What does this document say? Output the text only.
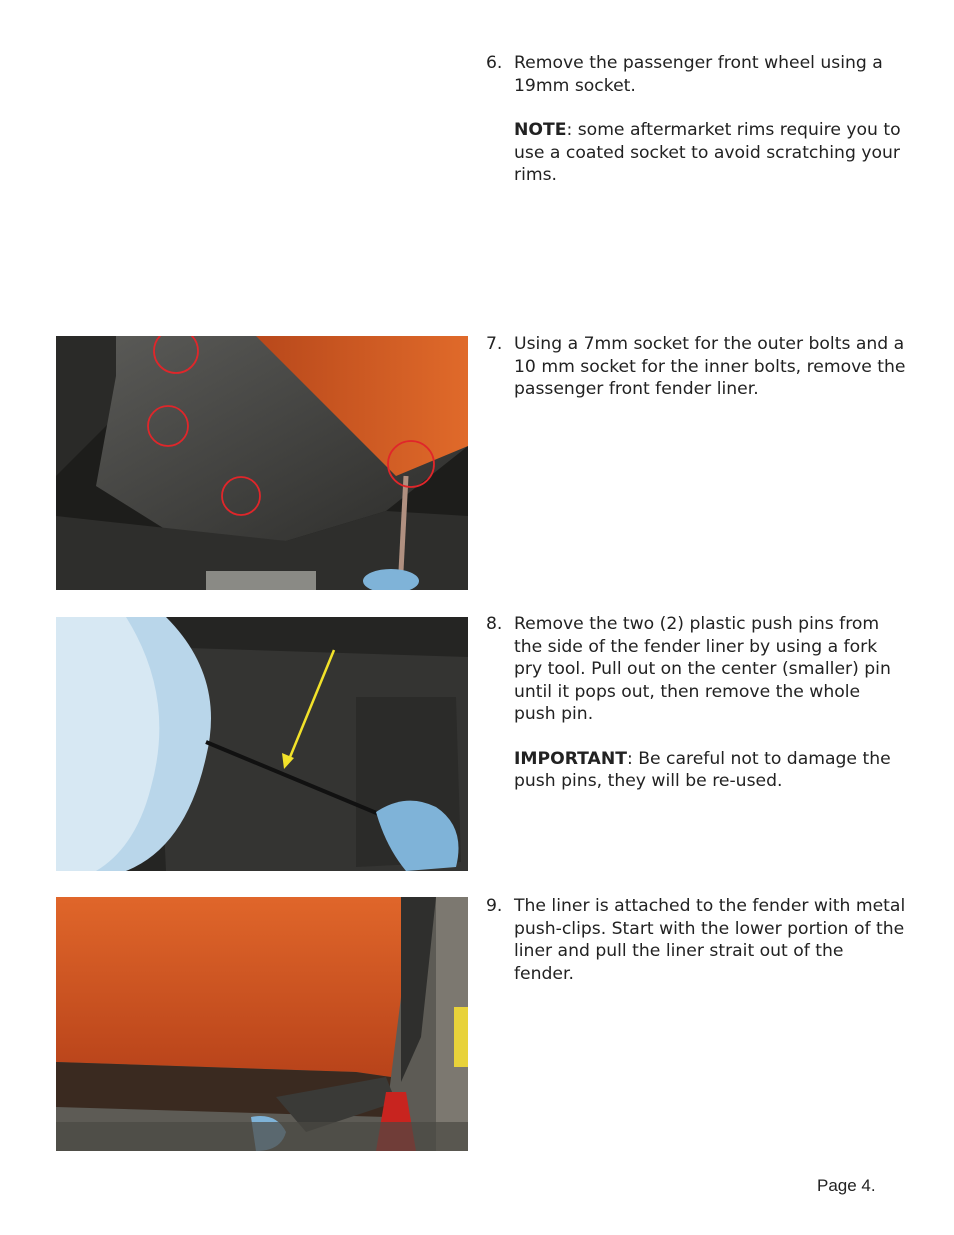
6. Remove the passenger front wheel using a 19mm socket.

NOTE: some aftermarket rims require you to use a coated socket to avoid scratching your rims.

7. Using a 7mm socket for the outer bolts and a 10 mm socket for the inner bolts, remove the passenger front fender liner.

8. Remove the two (2) plastic push pins from the side of the fender liner by using a fork pry tool. Pull out on the center (smaller) pin until it pops out, then remove the whole push pin.

IMPORTANT: Be careful not to damage the push pins, they will be re-used.

9. The liner is attached to the fender with metal push-clips. Start with the lower portion of the liner and pull the liner strait out of the fender.

Page 4.
